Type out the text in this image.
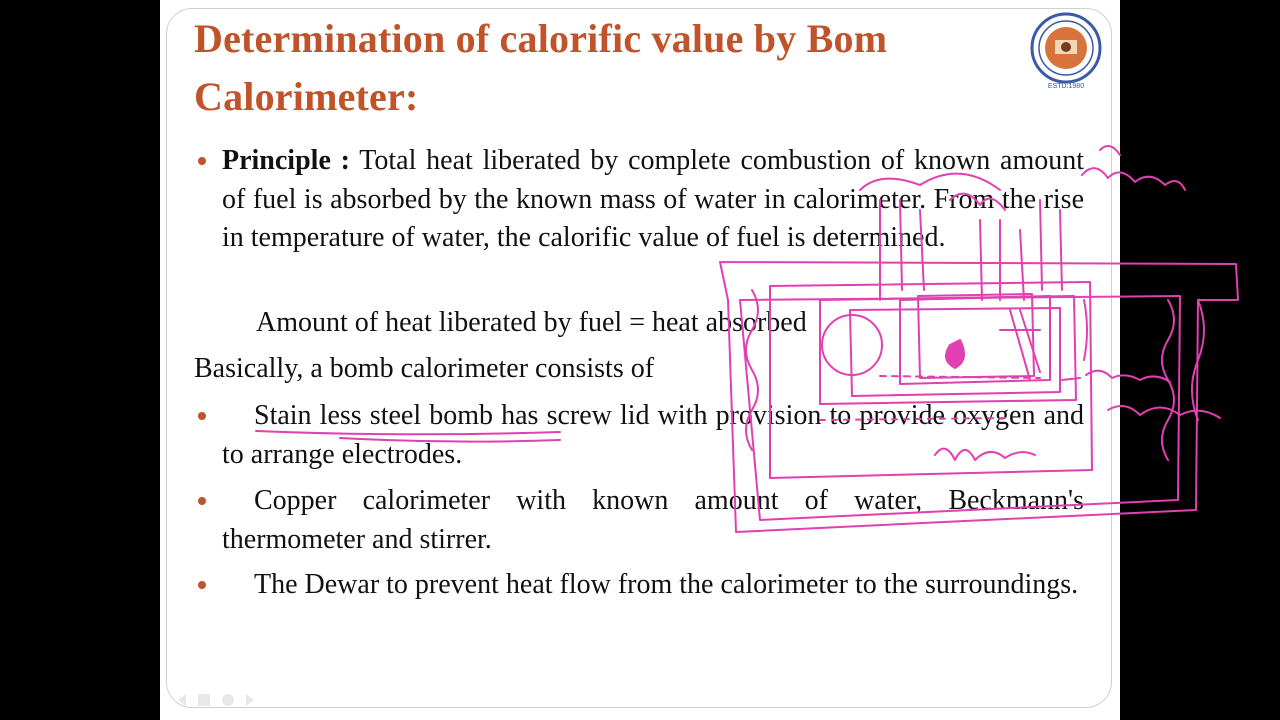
Determination of calorific value by Bom Calorimeter:	ESTD:1980
Principle : Total heat liberated by complete combustion of known amount of fuel is absorbed by the known mass of water in calorimeter. From the rise in temperature of water, the calorific value of fuel is determined.
Amount of heat liberated by fuel = heat absorbed
Basically, a bomb calorimeter consists of
Stain less steel bomb has screw lid with provision to provide oxygen and to arrange electrodes.
Copper calorimeter with known amount of water, Beckmann's thermometer and stirrer.
The Dewar to prevent heat flow from the calorimeter to the surroundings.
